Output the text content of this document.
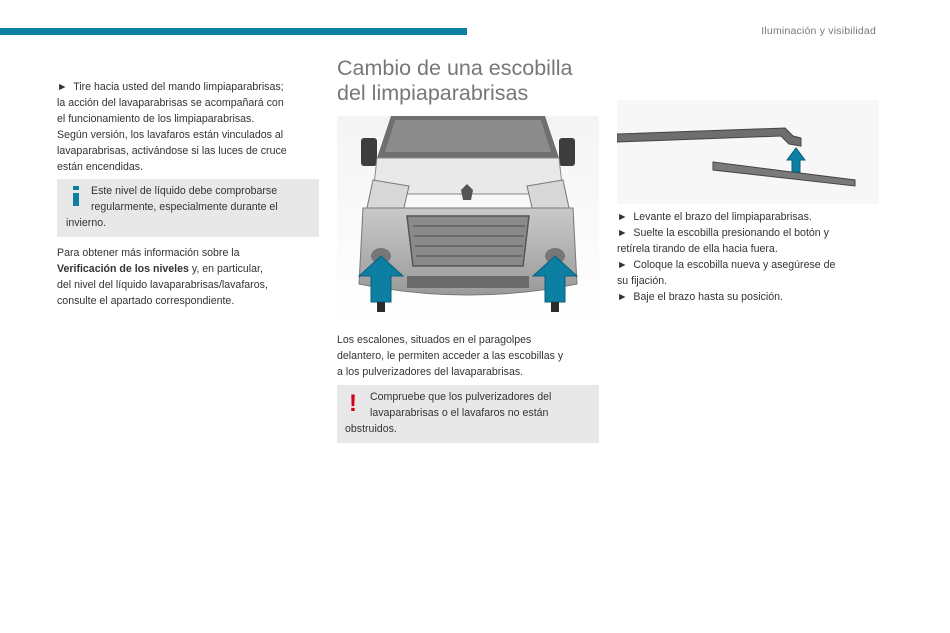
Iluminación y visibilidad

► Tire hacia usted del mando limpiaparabrisas;
la acción del lavaparabrisas se acompañará con
el funcionamiento de los limpiaparabrisas.
Según versión, los lavafaros están vinculados al
lavaparabrisas, activándose si las luces de cruce
están encendidas.

Este nivel de líquido debe comprobarse
regularmente, especialmente durante el
invierno.

Para obtener más información sobre la
Verificación de los niveles y, en particular,
del nivel del líquido lavaparabrisas/lavafaros,
consulte el apartado correspondiente.

Cambio de una escobilla
del limpiaparabrisas

Los escalones, situados en el paragolpes
delantero, le permiten acceder a las escobillas y
a los pulverizadores del lavaparabrisas.

!	Compruebe que los pulverizadores del
lavaparabrisas o el lavafaros no están
obstruidos.

► Levante el brazo del limpiaparabrisas.
► Suelte la escobilla presionando el botón y
retírela tirando de ella hacia fuera.
► Coloque la escobilla nueva y asegúrese de
su fijación.
► Baje el brazo hasta su posición.
